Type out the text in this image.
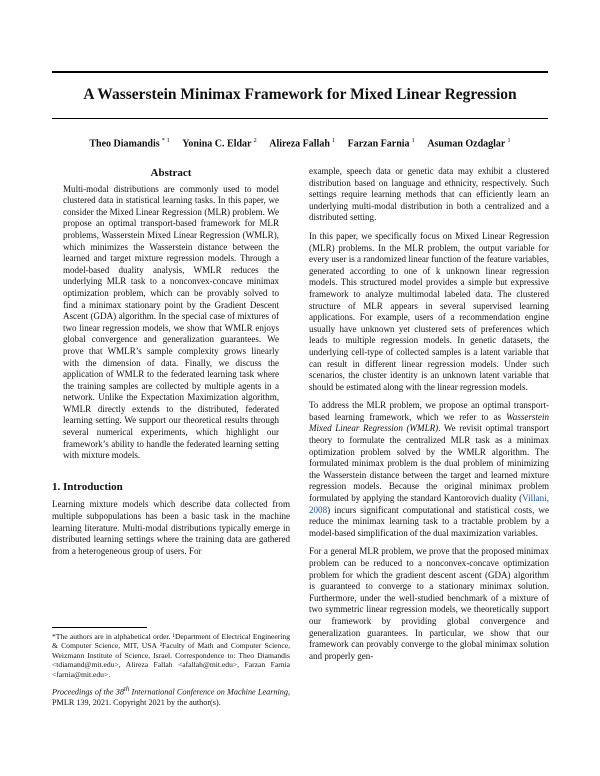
A Wasserstein Minimax Framework for Mixed Linear Regression
Theo Diamandis $^{* 1}$ Yonina C. Eldar $^2$ Alireza Fallah $^1$ Farzan Farnia $^1$ Asuman Ozdaglar $^1$
Abstract

Multi-modal distributions are commonly used to model clustered data in statistical learning tasks. In this paper, we consider the Mixed Linear Regression (MLR) problem. We propose an optimal transport-based framework for MLR problems, Wasserstein Mixed Linear Regression (WMLR), which minimizes the Wasserstein distance between the learned and target mixture regression models. Through a model-based duality analysis, WMLR reduces the underlying MLR task to a nonconvex-concave minimax optimization problem, which can be provably solved to find a minimax stationary point by the Gradient Descent Ascent (GDA) algorithm. In the special case of mixtures of two linear regression models, we show that WMLR enjoys global convergence and generalization guarantees. We prove that WMLR’s sample complexity grows linearly with the dimension of data. Finally, we discuss the application of WMLR to the federated learning task where the training samples are collected by multiple agents in a network. Unlike the Expectation Maximization algorithm, WMLR directly extends to the distributed, federated learning setting. We support our theoretical results through several numerical experiments, which highlight our framework’s ability to handle the federated learning setting with mixture models.

1. Introduction

Learning mixture models which describe data collected from multiple subpopulations has been a basic task in the machine learning literature. Multi-modal distributions typically emerge in distributed learning settings where the training data are gathered from a heterogeneous group of users. For

*The authors are in alphabetical order. ¹Department of Electrical Engineering & Computer Science, MIT, USA ²Faculty of Math and Computer Science, Weizmann Institute of Science, Israel. Correspondence to: Theo Diamandis <tdiamand@mit.edu>, Alireza Fallah <afallah@mit.edu>, Farzan Farnia <farnia@mit.edu>.

Proceedings of the 38th International Conference on Machine Learning, PMLR 139, 2021. Copyright 2021 by the author(s).

example, speech data or genetic data may exhibit a clustered distribution based on language and ethnicity, respectively. Such settings require learning methods that can efficiently learn an underlying multi-modal distribution in both a centralized and a distributed setting.

In this paper, we specifically focus on Mixed Linear Regression (MLR) problems. In the MLR problem, the output variable for every user is a randomized linear function of the feature variables, generated according to one of k unknown linear regression models. This structured model provides a simple but expressive framework to analyze multimodal labeled data. The clustered structure of MLR appears in several supervised learning applications. For example, users of a recommendation engine usually have unknown yet clustered sets of preferences which leads to multiple regression models. In genetic datasets, the underlying cell-type of collected samples is a latent variable that can result in different linear regression models. Under such scenarios, the cluster identity is an unknown latent variable that should be estimated along with the linear regression models.

To address the MLR problem, we propose an optimal transport-based learning framework, which we refer to as Wasserstein Mixed Linear Regression (WMLR). We revisit optimal transport theory to formulate the centralized MLR task as a minimax optimization problem solved by the WMLR algorithm. The formulated minimax problem is the dual problem of minimizing the Wasserstein distance between the target and learned mixture regression models. Because the original minimax problem formulated by applying the standard Kantorovich duality (Villani, 2008) incurs significant computational and statistical costs, we reduce the minimax learning task to a tractable problem by a model-based simplification of the dual maximization variables.

For a general MLR problem, we prove that the proposed minimax problem can be reduced to a nonconvex-concave optimization problem for which the gradient descent ascent (GDA) algorithm is guaranteed to converge to a stationary minimax solution. Furthermore, under the well-studied benchmark of a mixture of two symmetric linear regression models, we theoretically support our framework by providing global convergence and generalization guarantees. In particular, we show that our framework can provably converge to the global minimax solution and properly gen-
